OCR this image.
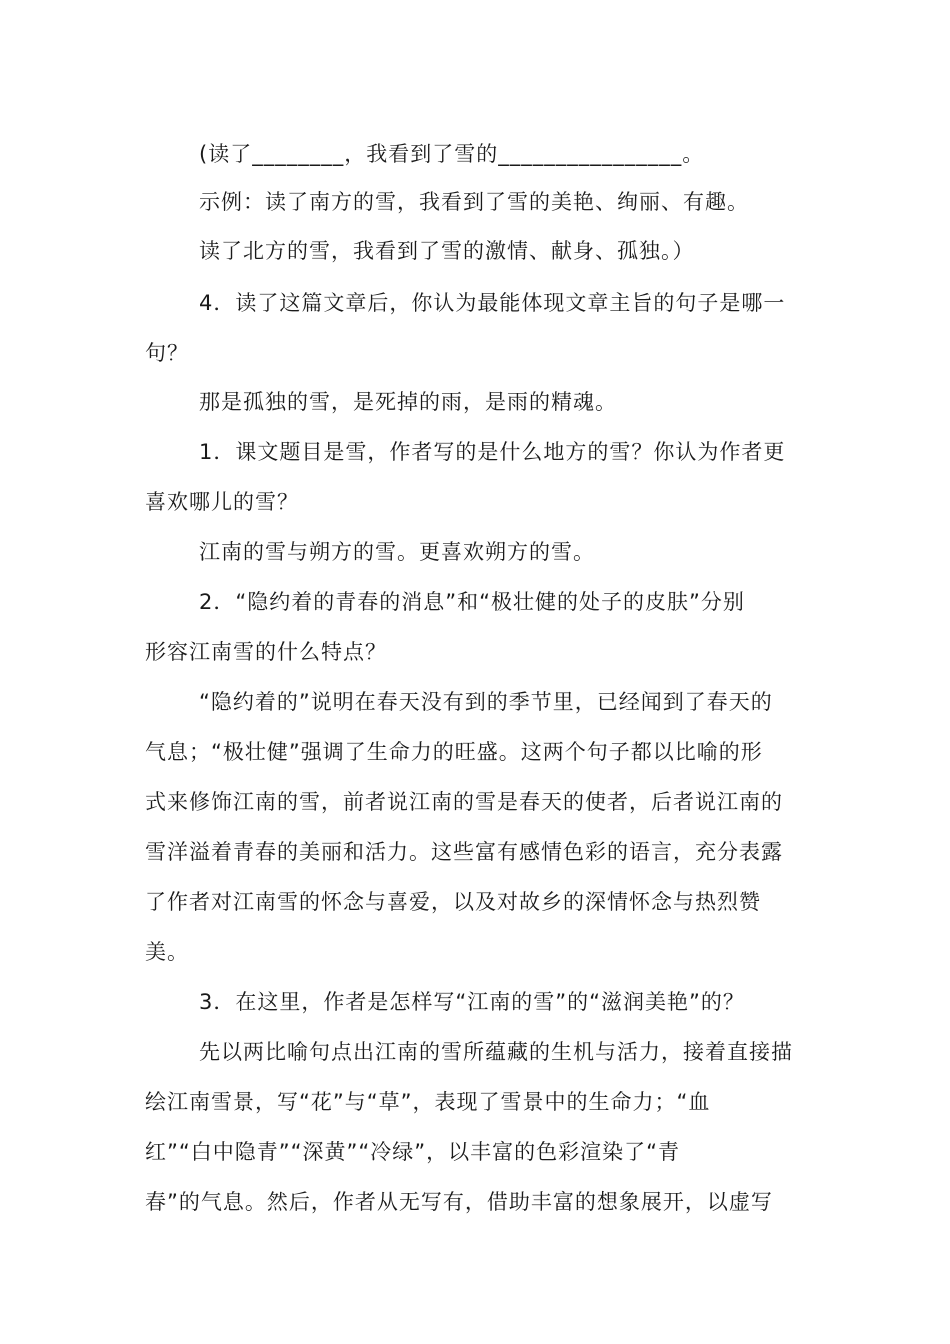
(读了________，我看到了雪的________________。
示例：读了南方的雪，我看到了雪的美艳、绚丽、有趣。
读了北方的雪，我看到了雪的激情、献身、孤独。）
4．读了这篇文章后，你认为最能体现文章主旨的句子是哪一
句？
那是孤独的雪，是死掉的雨，是雨的精魂。
1．课文题目是雪，作者写的是什么地方的雪？你认为作者更
喜欢哪儿的雪？
江南的雪与朔方的雪。更喜欢朔方的雪。
2．“隐约着的青春的消息”和“极壮健的处子的皮肤”分别
形容江南雪的什么特点？
“隐约着的”说明在春天没有到的季节里，已经闻到了春天的
气息；“极壮健”强调了生命力的旺盛。这两个句子都以比喻的形
式来修饰江南的雪，前者说江南的雪是春天的使者，后者说江南的
雪洋溢着青春的美丽和活力。这些富有感情色彩的语言，充分表露
了作者对江南雪的怀念与喜爱，以及对故乡的深情怀念与热烈赞
美。
3．在这里，作者是怎样写“江南的雪”的“滋润美艳”的？
先以两比喻句点出江南的雪所蕴藏的生机与活力，接着直接描
绘江南雪景，写“花”与“草”，表现了雪景中的生命力；“血
红”“白中隐青”“深黄”“冷绿”，以丰富的色彩渲染了“青
春”的气息。然后，作者从无写有，借助丰富的想象展开，以虚写
